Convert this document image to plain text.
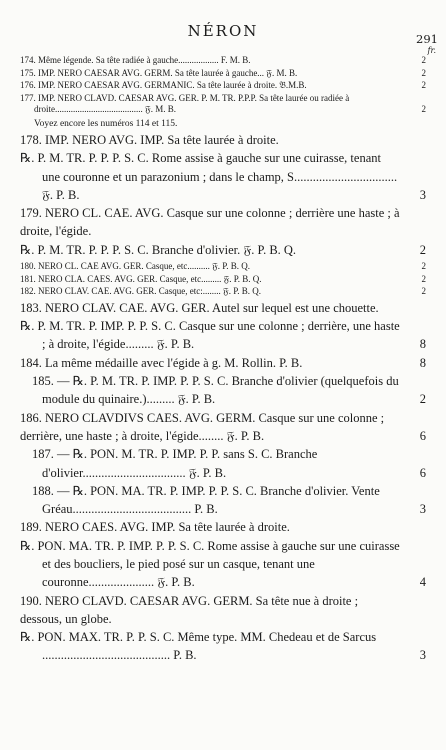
NÉRON	291
fr.
174. Même légende. Sa tête radiée à gauche.................. F. M. B.	2
175. IMP. NERO CAESAR AVG. GERM. Sa tête laurée à gauche... 𝔉. M. B.	2
176. IMP. NERO CAESAR AVG. GERMANIC. Sa tête laurée à droite. 𝔅.M.B.	2
177. IMP. NERO CLAVD. CAESAR AVG. GER. P. M. TR. P.P.P. Sa tête laurée ou radiée à droite....................................... 𝔉. M. B.	2
Voyez encore les numéros 114 et 115.
178. IMP. NERO AVG. IMP. Sa tête laurée à droite.
℞. P. M. TR. P. P. P. S. C. Rome assise à gauche sur une cuirasse, tenant une couronne et un parazonium ; dans le champ, S................................. 𝔉. P. B.	3
179. NERO CL. CAE. AVG. Casque sur une colonne ; derrière une haste ; à droite, l'égide.
℞. P. M. TR. P. P. P. S. C. Branche d'olivier. 𝔉. P. B. Q.	2
180. NERO CL. CAE AVG. GER. Casque, etc.......... 𝔉. P. B. Q.	2
181. NERO CLA. CAES. AVG. GER. Casque, etc......... 𝔉. P. B. Q.	2
182. NERO CLAV. CAE. AVG. GER. Casque, etc:........ 𝔉. P. B. Q.	2
183. NERO CLAV. CAE. AVG. GER. Autel sur lequel est une chouette.
℞. P. M. TR. P. IMP. P. P. S. C. Casque sur une colonne ; derrière, une haste ; à droite, l'égide......... 𝔉. P. B.	8
184. La même médaille avec l'égide à g. M. Rollin. P. B.	8
185. — ℞. P. M. TR. P. IMP. P. P. S. C. Branche d'olivier (quelquefois du module du quinaire.)......... 𝔉. P. B.	2
186. NERO CLAVDIVS CAES. AVG. GERM. Casque sur une colonne ; derrière, une haste ; à droite, l'égide........ 𝔉. P. B.	6
187. — ℞. PON. M. TR. P. IMP. P. P. sans S. C. Branche d'olivier................................. 𝔉. P. B.	6
188. — ℞. PON. MA. TR. P. IMP. P. P. S. C. Branche d'olivier. Vente Gréau...................................... P. B.	3
189. NERO CAES. AVG. IMP. Sa tête laurée à droite.
℞. PON. MA. TR. P. IMP. P. P. S. C. Rome assise à gauche sur une cuirasse et des boucliers, le pied posé sur un casque, tenant une couronne..................... 𝔉. P. B.	4
190. NERO CLAVD. CAESAR AVG. GERM. Sa tête nue à droite ; dessous, un globe.
℞. PON. MAX. TR. P. P. S. C. Même type. MM. Chedeau et de Sarcus ......................................... P. B.	3
